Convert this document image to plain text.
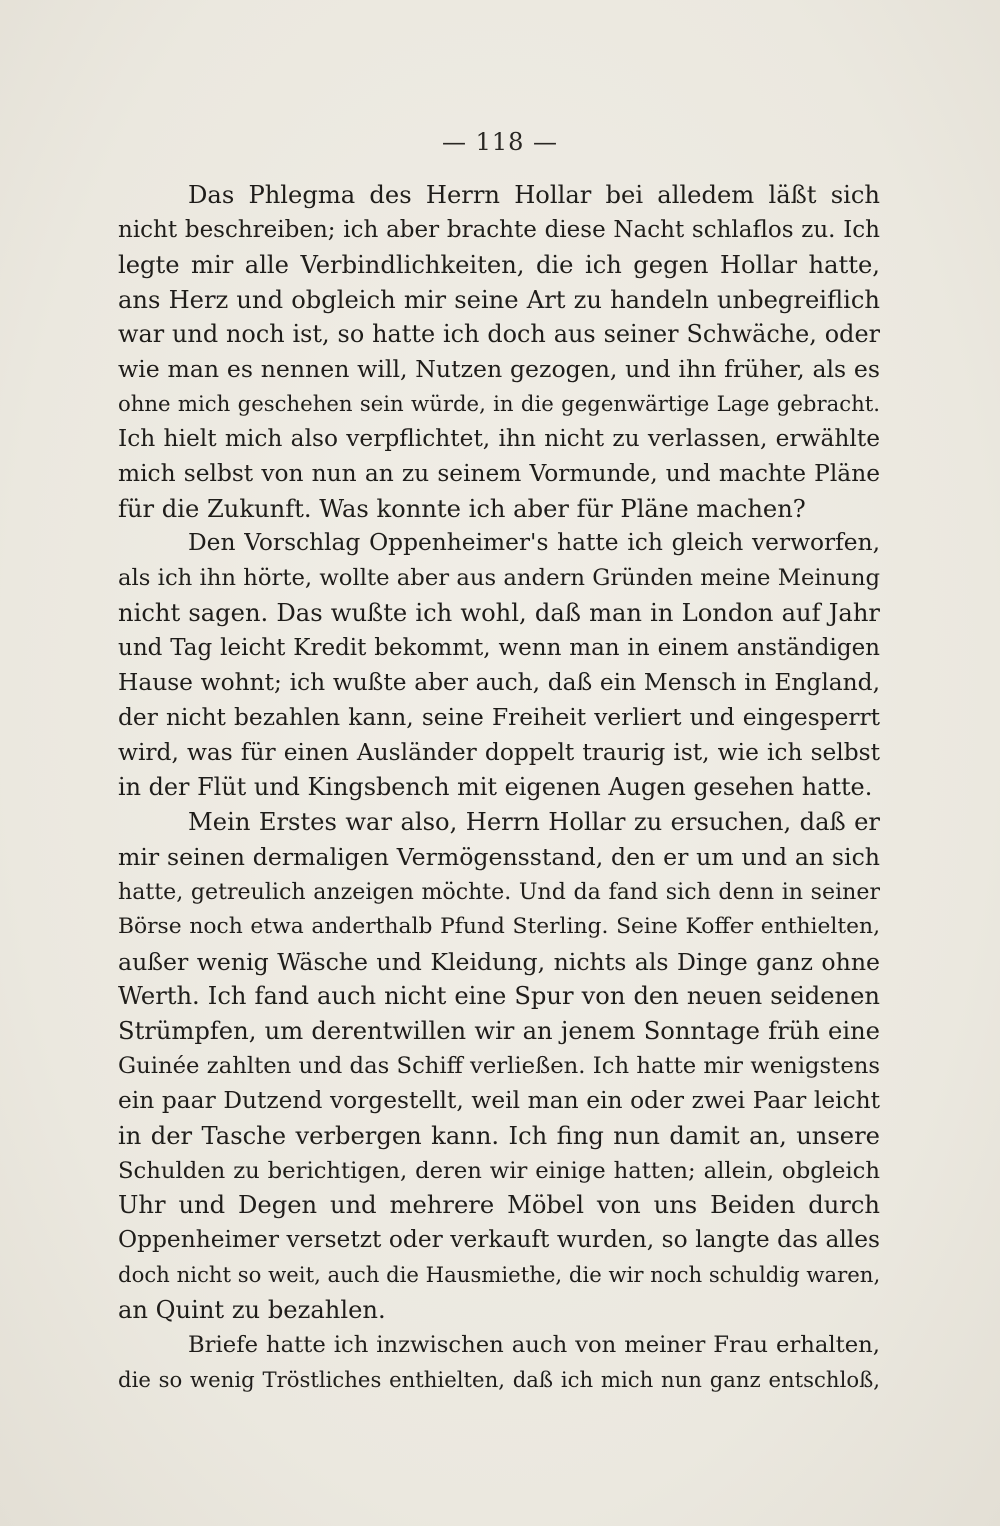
— 118 —
Das Phlegma des Herrn Hollar bei alledem läßt sich
nicht beschreiben; ich aber brachte diese Nacht schlaflos zu. Ich
legte mir alle Verbindlichkeiten, die ich gegen Hollar hatte,
ans Herz und obgleich mir seine Art zu handeln unbegreiflich
war und noch ist, so hatte ich doch aus seiner Schwäche, oder
wie man es nennen will, Nutzen gezogen, und ihn früher, als es
ohne mich geschehen sein würde, in die gegenwärtige Lage gebracht.
Ich hielt mich also verpflichtet, ihn nicht zu verlassen, erwählte
mich selbst von nun an zu seinem Vormunde, und machte Pläne
für die Zukunft. Was konnte ich aber für Pläne machen?
Den Vorschlag Oppenheimer's hatte ich gleich verworfen,
als ich ihn hörte, wollte aber aus andern Gründen meine Meinung
nicht sagen. Das wußte ich wohl, daß man in London auf Jahr
und Tag leicht Kredit bekommt, wenn man in einem anständigen
Hause wohnt; ich wußte aber auch, daß ein Mensch in England,
der nicht bezahlen kann, seine Freiheit verliert und eingesperrt
wird, was für einen Ausländer doppelt traurig ist, wie ich selbst
in der Flüt und Kingsbench mit eigenen Augen gesehen hatte.
Mein Erstes war also, Herrn Hollar zu ersuchen, daß er
mir seinen dermaligen Vermögensstand, den er um und an sich
hatte, getreulich anzeigen möchte. Und da fand sich denn in seiner
Börse noch etwa anderthalb Pfund Sterling. Seine Koffer enthielten,
außer wenig Wäsche und Kleidung, nichts als Dinge ganz ohne
Werth. Ich fand auch nicht eine Spur von den neuen seidenen
Strümpfen, um derentwillen wir an jenem Sonntage früh eine
Guinée zahlten und das Schiff verließen. Ich hatte mir wenigstens
ein paar Dutzend vorgestellt, weil man ein oder zwei Paar leicht
in der Tasche verbergen kann. Ich fing nun damit an, unsere
Schulden zu berichtigen, deren wir einige hatten; allein, obgleich
Uhr und Degen und mehrere Möbel von uns Beiden durch
Oppenheimer versetzt oder verkauft wurden, so langte das alles
doch nicht so weit, auch die Hausmiethe, die wir noch schuldig waren,
an Quint zu bezahlen.
Briefe hatte ich inzwischen auch von meiner Frau erhalten,
die so wenig Tröstliches enthielten, daß ich mich nun ganz entschloß,
